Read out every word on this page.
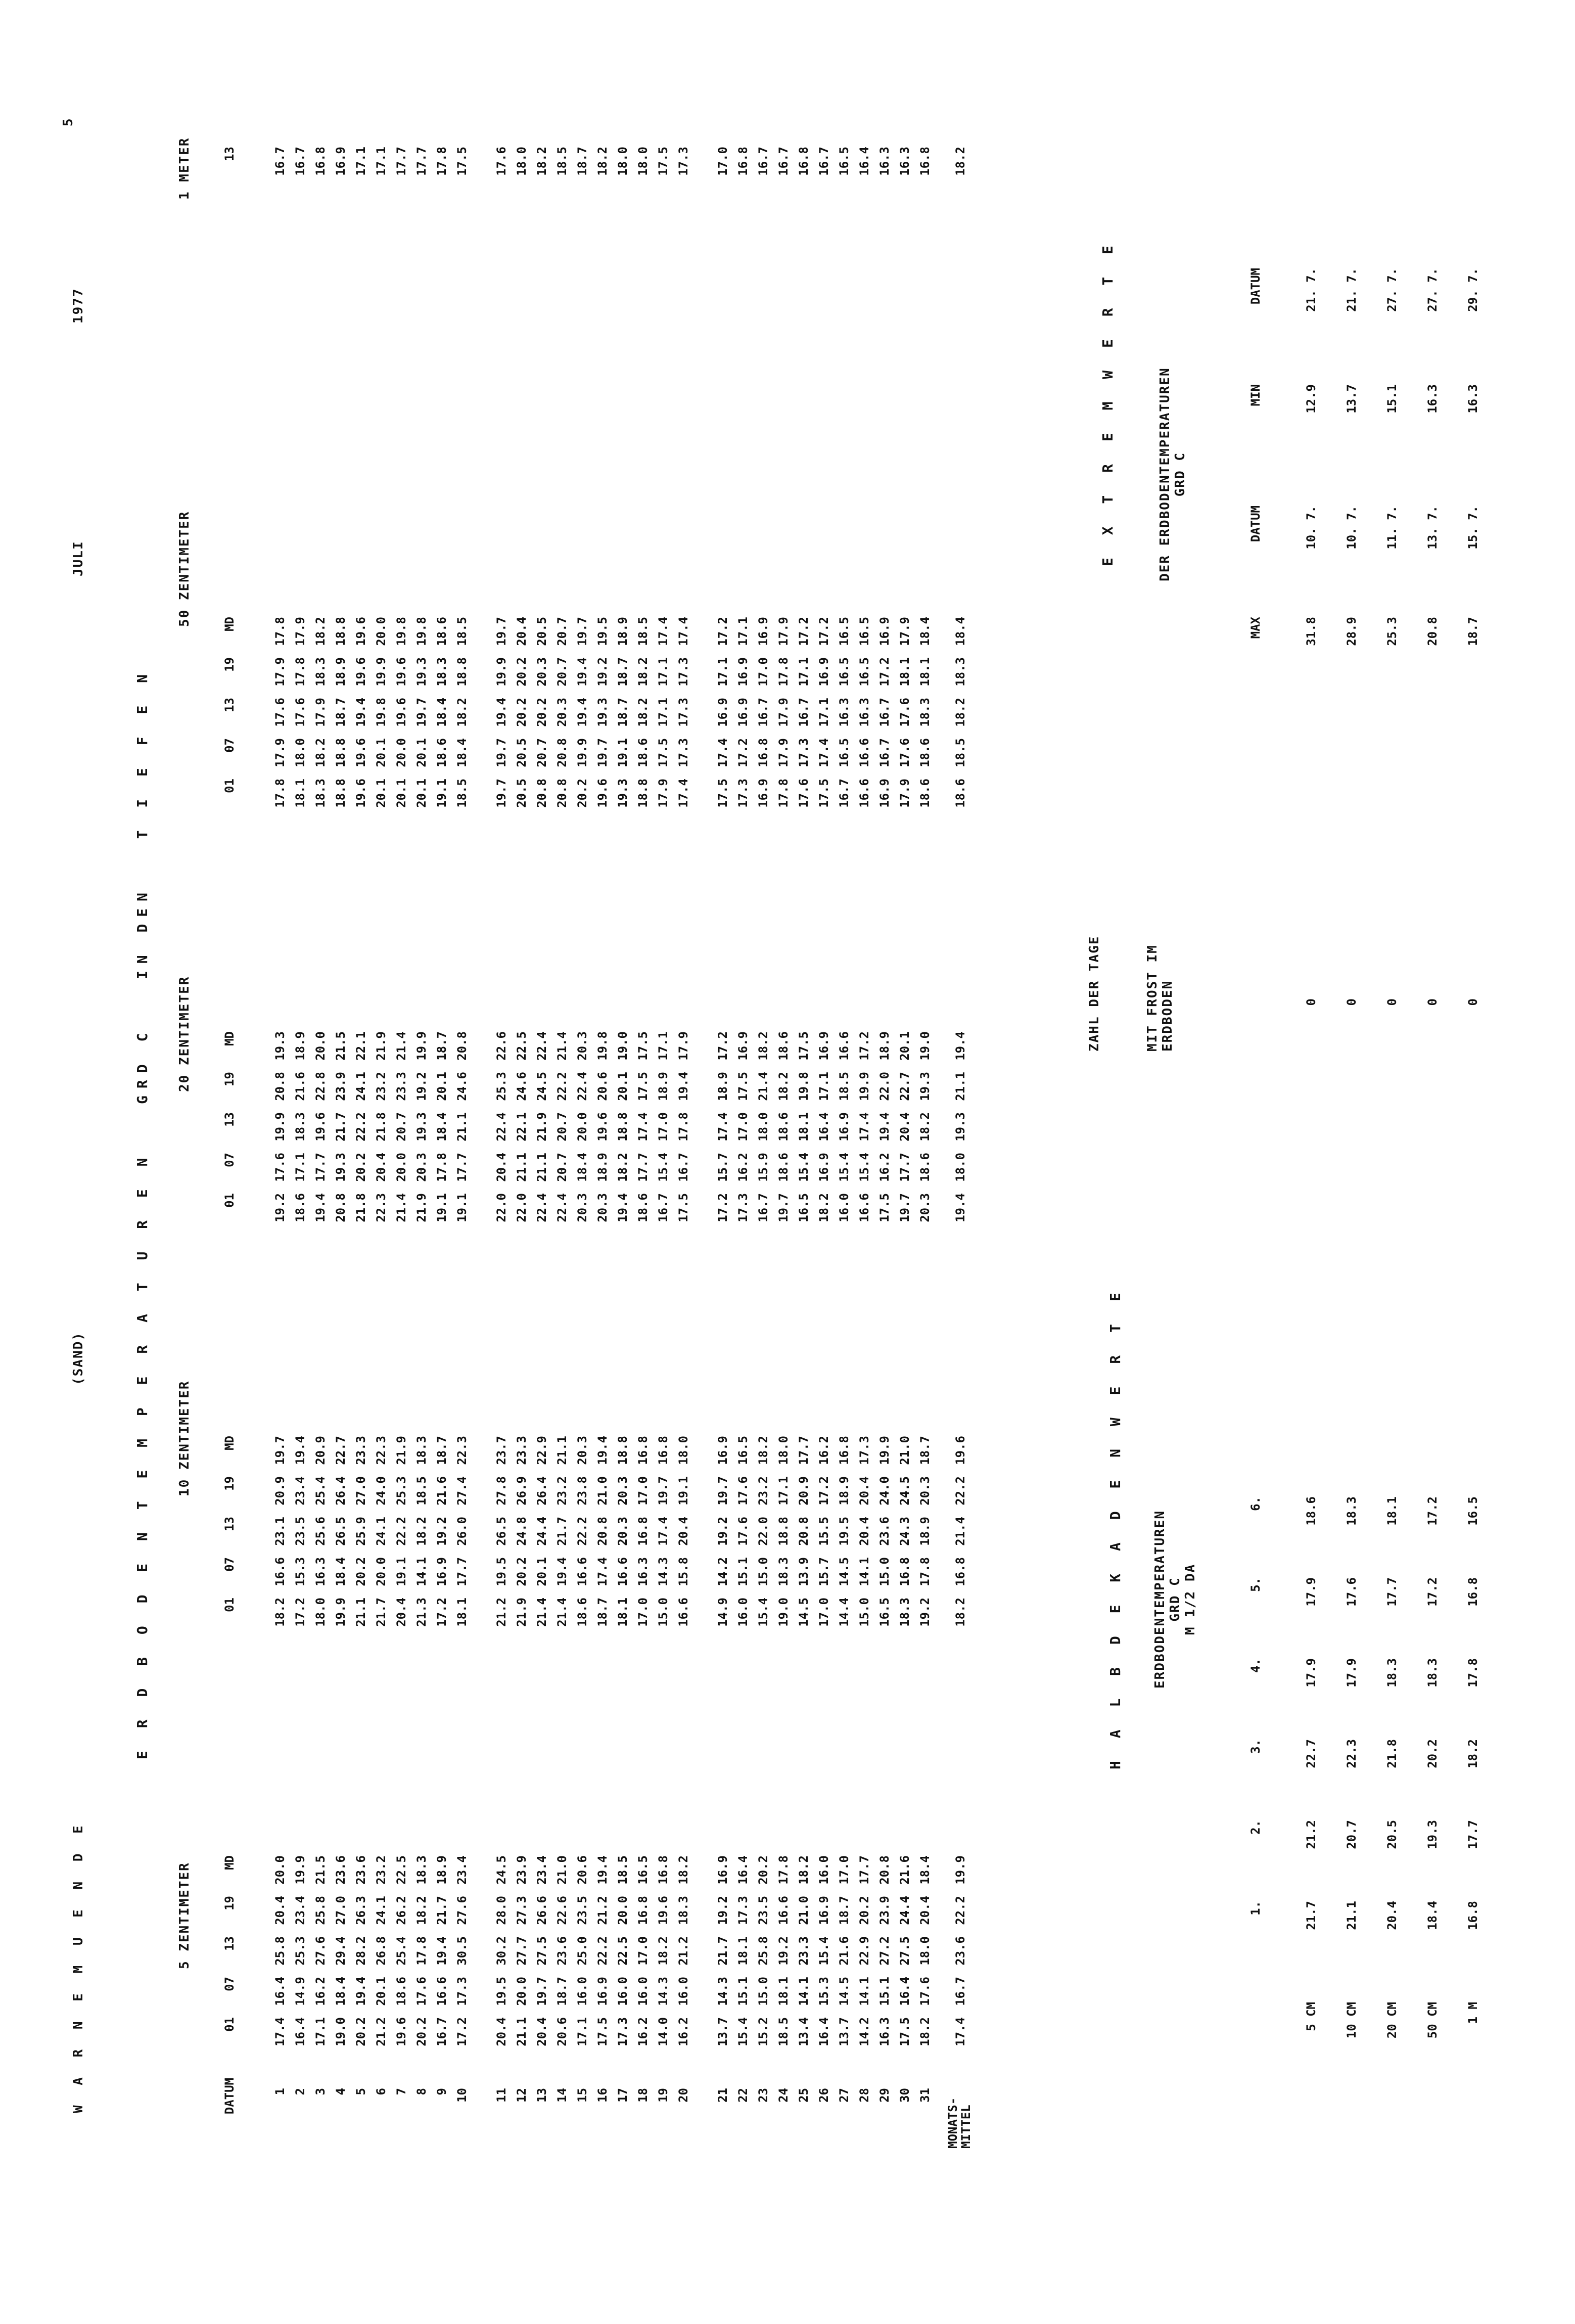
W A R N E M U E N D E
(SAND)
JULI
1977
5
E R D B O D E N T E M P E R A T U R E N   GRD C   IN DEN   T I E F E N
5 ZENTIMETER
10 ZENTIMETER
20 ZENTIMETER
50 ZENTIMETER
1 METER
DATUM
01
07
13
19
MD
01
07
13
19
MD
01
07
13
19
MD
01
07
13
19
MD
13
1
17.4
16.4
25.8
20.4
20.0
18.2
16.6
23.1
20.9
19.7
19.2
17.6
19.9
20.8
19.3
17.8
17.9
17.6
17.9
17.8
16.7
2
16.4
14.9
25.3
23.4
19.9
17.2
15.3
23.5
23.4
19.4
18.6
17.1
18.3
21.6
18.9
18.1
18.0
17.6
17.8
17.9
16.7
3
17.1
16.2
27.6
25.8
21.5
18.0
16.3
25.6
25.4
20.9
19.4
17.7
19.6
22.8
20.0
18.3
18.2
17.9
18.3
18.2
16.8
4
19.0
18.4
29.4
27.0
23.6
19.9
18.4
26.5
26.4
22.7
20.8
19.3
21.7
23.9
21.5
18.8
18.8
18.7
18.9
18.8
16.9
5
20.2
19.4
28.2
26.3
23.6
21.1
20.2
25.9
27.0
23.3
21.8
20.2
22.2
24.1
22.1
19.6
19.6
19.4
19.6
19.6
17.1
6
21.2
20.1
26.8
24.1
23.2
21.7
20.0
24.1
24.0
22.3
22.3
20.4
21.8
23.2
21.9
20.1
20.1
19.8
19.9
20.0
17.1
7
19.6
18.6
25.4
26.2
22.5
20.4
19.1
22.2
25.3
21.9
21.4
20.0
20.7
23.3
21.4
20.1
20.0
19.6
19.6
19.8
17.7
8
20.2
17.6
17.8
18.2
18.3
21.3
14.1
18.2
18.5
18.3
21.9
20.3
19.3
19.2
19.9
20.1
20.1
19.7
19.3
19.8
17.7
9
16.7
16.6
19.4
21.7
18.9
17.2
16.9
19.2
21.6
18.7
19.1
17.8
18.4
20.1
18.7
19.1
18.6
18.4
18.3
18.6
17.8
10
17.2
17.3
30.5
27.6
23.4
18.1
17.7
26.0
27.4
22.3
19.1
17.7
21.1
24.6
20.8
18.5
18.4
18.2
18.8
18.5
17.5
11
20.4
19.5
30.2
28.0
24.5
21.2
19.5
26.5
27.8
23.7
22.0
20.4
22.4
25.3
22.6
19.7
19.7
19.4
19.9
19.7
17.6
12
21.1
20.0
27.7
27.3
23.9
21.9
20.2
24.8
26.9
23.3
22.0
21.1
22.1
24.6
22.5
20.5
20.5
20.2
20.2
20.4
18.0
13
20.4
19.7
27.5
26.6
23.4
21.4
20.1
24.4
26.4
22.9
22.4
21.1
21.9
24.5
22.4
20.8
20.7
20.2
20.3
20.5
18.2
14
20.6
18.7
23.6
22.6
21.0
21.4
19.4
21.7
23.2
21.1
22.4
20.7
20.7
22.2
21.4
20.8
20.8
20.3
20.7
20.7
18.5
15
17.1
16.0
25.0
23.5
20.6
18.6
16.6
22.2
23.8
20.3
20.3
18.4
20.0
22.4
20.3
20.2
19.9
19.4
19.4
19.7
18.7
16
17.5
16.9
22.2
21.2
19.4
18.7
17.4
20.8
21.0
19.4
20.3
18.9
19.6
20.6
19.8
19.6
19.7
19.3
19.2
19.5
18.2
17
17.3
16.0
22.5
20.0
18.5
18.1
16.6
20.3
20.3
18.8
19.4
18.2
18.8
20.1
19.0
19.3
19.1
18.7
18.7
18.9
18.0
18
16.2
16.0
17.0
16.8
16.5
17.0
16.3
16.8
17.0
16.8
18.6
17.7
17.4
17.5
17.5
18.8
18.6
18.2
18.2
18.5
18.0
19
14.0
14.3
18.2
19.6
16.8
15.0
14.3
17.4
19.7
16.8
16.7
15.4
17.0
18.9
17.1
17.9
17.5
17.1
17.1
17.4
17.5
20
16.2
16.0
21.2
18.3
18.2
16.6
15.8
20.4
19.1
18.0
17.5
16.7
17.8
19.4
17.9
17.4
17.3
17.3
17.3
17.4
17.3
21
13.7
14.3
21.7
19.2
16.9
14.9
14.2
19.2
19.7
16.9
17.2
15.7
17.4
18.9
17.2
17.5
17.4
16.9
17.1
17.2
17.0
22
15.4
15.1
18.1
17.3
16.4
16.0
15.1
17.6
17.6
16.5
17.3
16.2
17.0
17.5
16.9
17.3
17.2
16.9
16.9
17.1
16.8
23
15.2
15.0
25.8
23.5
20.2
15.4
15.0
22.0
23.2
18.2
16.7
15.9
18.0
21.4
18.2
16.9
16.8
16.7
17.0
16.9
16.7
24
18.5
18.1
19.2
16.6
17.8
19.0
18.3
18.8
17.1
18.0
19.7
18.6
18.6
18.2
18.6
17.8
17.9
17.9
17.8
17.9
16.7
25
13.4
14.1
23.3
21.0
18.2
14.5
13.9
20.8
20.9
17.7
16.5
15.4
18.1
19.8
17.5
17.6
17.3
16.7
17.1
17.2
16.8
26
16.4
15.3
15.4
16.9
16.0
17.0
15.7
15.5
17.2
16.2
18.2
16.9
16.4
17.1
16.9
17.5
17.4
17.1
16.9
17.2
16.7
27
13.7
14.5
21.6
18.7
17.0
14.4
14.5
19.5
18.9
16.8
16.0
15.4
16.9
18.5
16.6
16.7
16.5
16.3
16.5
16.5
16.5
28
14.2
14.1
22.9
20.2
17.7
15.0
14.1
20.4
20.4
17.3
16.6
15.4
17.4
19.9
17.2
16.6
16.6
16.3
16.5
16.5
16.4
29
16.3
15.1
27.2
23.9
20.8
16.5
15.0
23.6
24.0
19.9
17.5
16.2
19.4
22.0
18.9
16.9
16.7
16.7
17.2
16.9
16.3
30
17.5
16.4
27.5
24.4
21.6
18.3
16.8
24.3
24.5
21.0
19.7
17.7
20.4
22.7
20.1
17.9
17.6
17.6
18.1
17.9
16.3
31
18.2
17.6
18.0
20.4
18.4
19.2
17.8
18.9
20.3
18.7
20.3
18.6
18.2
19.3
19.0
18.6
18.6
18.3
18.1
18.4
16.8
MONATS-
MITTEL
17.4
16.7
23.6
22.2
19.9
18.2
16.8
21.4
22.2
19.6
19.4
18.0
19.3
21.1
19.4
18.6
18.5
18.2
18.3
18.4
18.2
H A L B D E K A D E N W E R T E ERDBODENTEMPERATUREN
GRD C
M 1/2 DA
1.
2.
3.
4.
5.
6.
5 CM
21.7
21.2
22.7
17.9
17.9
18.6
10 CM
21.1
20.7
22.3
17.9
17.6
18.3
20 CM
20.4
20.5
21.8
18.3
17.7
18.1
50 CM
18.4
19.3
20.2
18.3
17.2
17.2
1 M
16.8
17.7
18.2
17.8
16.8
16.5
ZAHL DER TAGE	MIT FROST IM
ERDBODEN	0 0 0 0 0
E X T R E M W E R T E
DER ERDBODENTEMPERATUREN
GRD C
MAX
DATUM
MIN
DATUM
31.8
10. 7.
12.9
21. 7.
28.9
10. 7.
13.7
21. 7.
25.3
11. 7.
15.1
27. 7.
20.8
13. 7.
16.3
27. 7.
18.7
15. 7.
16.3
29. 7.
